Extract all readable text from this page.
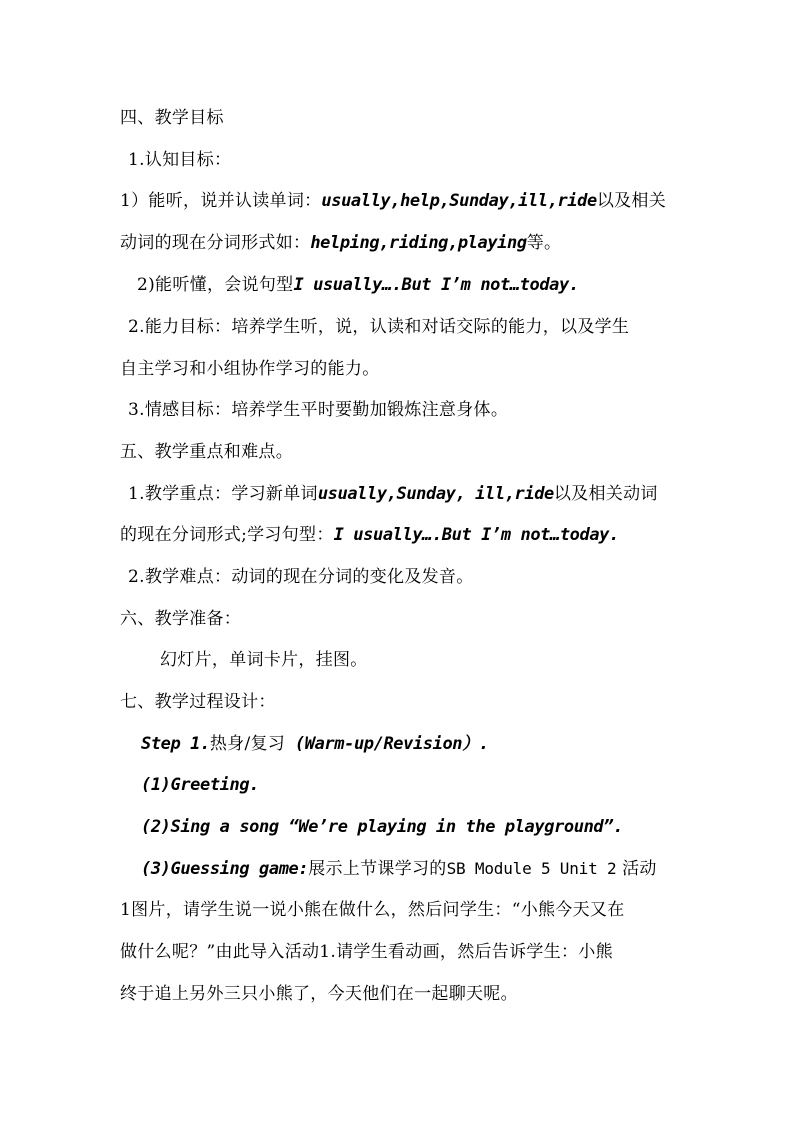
四、教学目标
1.认知目标：
1）能听，说并认读单词：usually,help,Sunday,ill,ride以及相关
动词的现在分词形式如：helping,riding,playing等。
2)能听懂，会说句型I usually….But I’m not…today.
2.能力目标：培养学生听，说，认读和对话交际的能力，以及学生
自主学习和小组协作学习的能力。
3.情感目标：培养学生平时要勤加锻炼注意身体。
五、教学重点和难点。
1.教学重点：学习新单词usually,Sunday, ill,ride以及相关动词
的现在分词形式;学习句型：I usually….But I’m not…today.
2.教学难点：动词的现在分词的变化及发音。
六、教学准备：
幻灯片，单词卡片，挂图。
七、教学过程设计：
Step 1.热身/复习 (Warm-up/Revision）.
(1)Greeting.
(2)Sing a song “We’re playing in the playground”.
(3)Guessing game:展示上节课学习的SB Module 5 Unit 2 活动
1图片，请学生说一说小熊在做什么，然后问学生：“小熊今天又在
做什么呢？”由此导入活动1.请学生看动画，然后告诉学生：小熊
终于追上另外三只小熊了，今天他们在一起聊天呢。
